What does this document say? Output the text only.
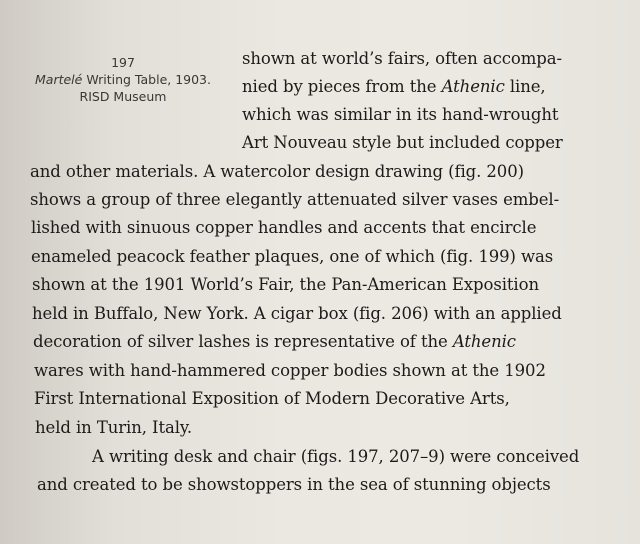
197
Martelé Writing Table, 1903.
RISD Museum
shown at world’s fairs, often accompa-
nied by pieces from the Athenic line,
which was similar in its hand-wrought
Art Nouveau style but included copper
and other materials. A watercolor design drawing (fig. 200)
shows a group of three elegantly attenuated silver vases embel-
lished with sinuous copper handles and accents that encircle
enameled peacock feather plaques, one of which (fig. 199) was
shown at the 1901 World’s Fair, the Pan-American Exposition
held in Buffalo, New York. A cigar box (fig. 206) with an applied
decoration of silver lashes is representative of the Athenic
wares with hand-hammered copper bodies shown at the 1902
First International Exposition of Modern Decorative Arts,
held in Turin, Italy.
A writing desk and chair (figs. 197, 207–9) were conceived
and created to be showstoppers in the sea of stunning objects
